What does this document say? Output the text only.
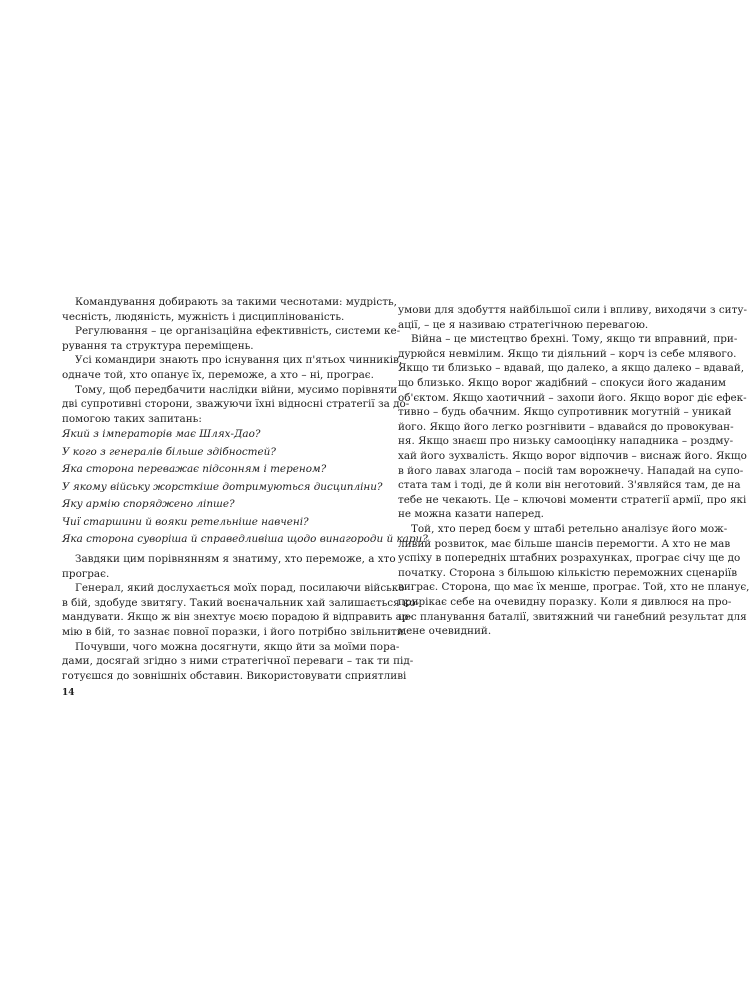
Командування добирають за такими чеснотами: мудрість,
чесність, людяність, мужність і дисциплінованість.
Регулювання – це організаційна ефективність, системи ке-
рування та структура переміщень.
Усі командири знають про існування цих п'ятьох чинників,
одначе той, хто опанує їх, переможе, а хто – ні, програє.
Тому, щоб передбачити наслідки війни, мусимо порівняти
дві супротивні сторони, зважуючи їхні відносні стратегії за до-
помогою таких запитань:
Який з імператорів має Шлях-Дао?
У кого з генералів більше здібностей?
Яка сторона переважає підсонням і тереном?
У якому війську жорсткіше дотримуються дисципліни?
Яку армію споряджено ліпше?
Чиї старшини й вояки ретельніше навчені?
Яка сторона суворіша й справедливіша щодо винагороди й кари?
Завдяки цим порівнянням я знатиму, хто переможе, а хто
програє.
Генерал, який дослухається моїх порад, посилаючи військо
в бій, здобуде звитягу. Такий воєначальник хай залишається ко-
мандувати. Якщо ж він знехтує моєю порадою й відправить ар-
мію в бій, то зазнає повної поразки, і його потрібно звільнити.
Почувши, чого можна досягнути, якщо йти за моїми пора-
дами, досягай згідно з ними стратегічної переваги – так ти під-
готуєшся до зовнішніх обставин. Використовувати сприятливі
14
умови для здобуття найбільшої сили і впливу, виходячи з ситу-
ації, – це я називаю стратегічною перевагою.
Війна – це мистецтво брехні. Тому, якщо ти вправний, при-
дурюйся невмілим. Якщо ти діяльний – корч із себе млявого.
Якщо ти близько – вдавай, що далеко, а якщо далеко – вдавай,
що близько. Якщо ворог жадібний – спокуси його жаданим
об'єктом. Якщо хаотичний – захопи його. Якщо ворог діє ефек-
тивно – будь обачним. Якщо супротивник могутній – уникай
його. Якщо його легко розгнівити – вдавайся до провокуван-
ня. Якщо знаєш про низьку самооцінку нападника – роздму-
хай його зухвалість. Якщо ворог відпочив – виснаж його. Якщо
в його лавах злагода – посій там ворожнечу. Нападай на супо-
стата там і тоді, де й коли він неготовий. З'являйся там, де на
тебе не чекають. Це – ключові моменти стратегії армії, про які
не можна казати наперед.
Той, хто перед боєм у штабі ретельно аналізує його мож-
ливий розвиток, має більше шансів перемогти. А хто не мав
успіху в попередніх штабних розрахунках, програє січу ще до
початку. Сторона з більшою кількістю переможних сценаріїв
виграє. Сторона, що має їх менше, програє. Той, хто не планує,
прирікає себе на очевидну поразку. Коли я дивлюся на про-
цес планування баталії, звитяжний чи ганебний результат для
мене очевидний.
